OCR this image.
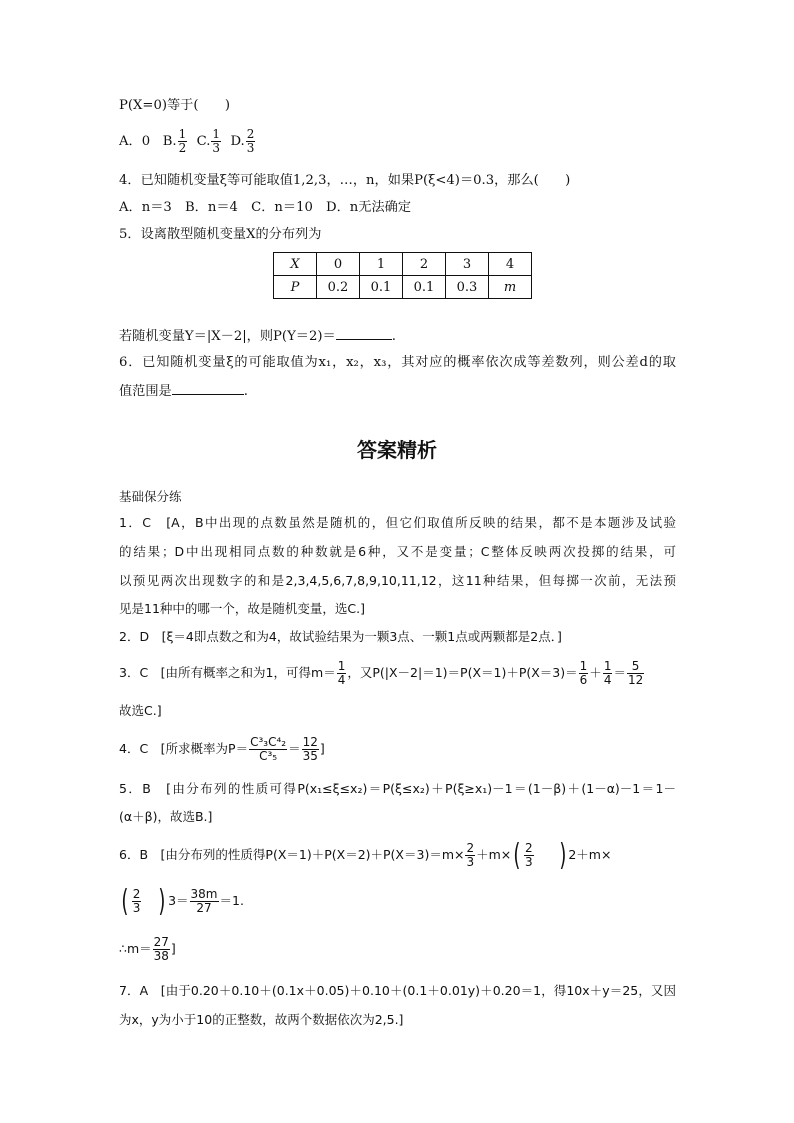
P(X=0)等于(　　)
A．0 B. $\frac{1}{2} C$. $\frac{1}{3} D$. $\frac{2}{3}$
4．已知随机变量ξ等可能取值1,2,3，…，n，如果P(ξ<4)＝0.3，那么(　　)
A．n＝3　B．n＝4　C．n＝10　D．n无法确定
5．设离散型随机变量X的分布列为
X	0	1	2	3	4
P	0.2	0.1	0.1	0.3	m
若随机变量Y＝|X－2|，则P(Y＝2)＝	.
6．已知随机变量ξ的可能取值为x₁，x₂，x₃，其对应的概率依次成等差数列，则公差d的取
值范围是	.
答案精析
基础保分练
1．C　[A，B中出现的点数虽然是随机的，但它们取值所反映的结果，都不是本题涉及试验
的结果；D中出现相同点数的种数就是6种，又不是变量；C整体反映两次投掷的结果，可
以预见两次出现数字的和是2,3,4,5,6,7,8,9,10,11,12，这11种结果，但每掷一次前，无法预
见是11种中的哪一个，故是随机变量，选C.]
2．D　[ξ＝4即点数之和为4，故试验结果为一颗3点、一颗1点或两颗都是2点．]
3．C　[由所有概率之和为1，可得$m= \frac{1}{4}$ ，又$P(|X-2|=1)=P(X=1)+P(X=3)= \frac{1}{6} + \frac{1}{4} = \frac{5}{12}$
故选C.]
4．C　[所求概率为$P= \frac{\text{C³₃C⁴₂}}{\text{C³₅}} = \frac{12}{35}$ ]
5．B　[由分布列的性质可得P(x₁≤ξ≤x₂)＝P(ξ≤x₂)＋P(ξ≥x₁)－1＝(1－β)＋(1－α)－1＝1－
(α＋β)，故选B.]
6．B　[由分布列的性质得$P(X=1)+P(X=2)+P(X=3)=m\times \frac{2}{3} +m\times( \frac{2}{3}$ ) 2＋m×
( $\frac{2}{3}$ ) $3= \frac{38m}{27} =1$.
∴m＝ $\frac{27}{38}$ ]
7．A　[由于0.20＋0.10＋(0.1x＋0.05)＋0.10＋(0.1＋0.01y)＋0.20＝1，得10x＋y＝25，又因
为x，y为小于10的正整数，故两个数据依次为2,5.]
